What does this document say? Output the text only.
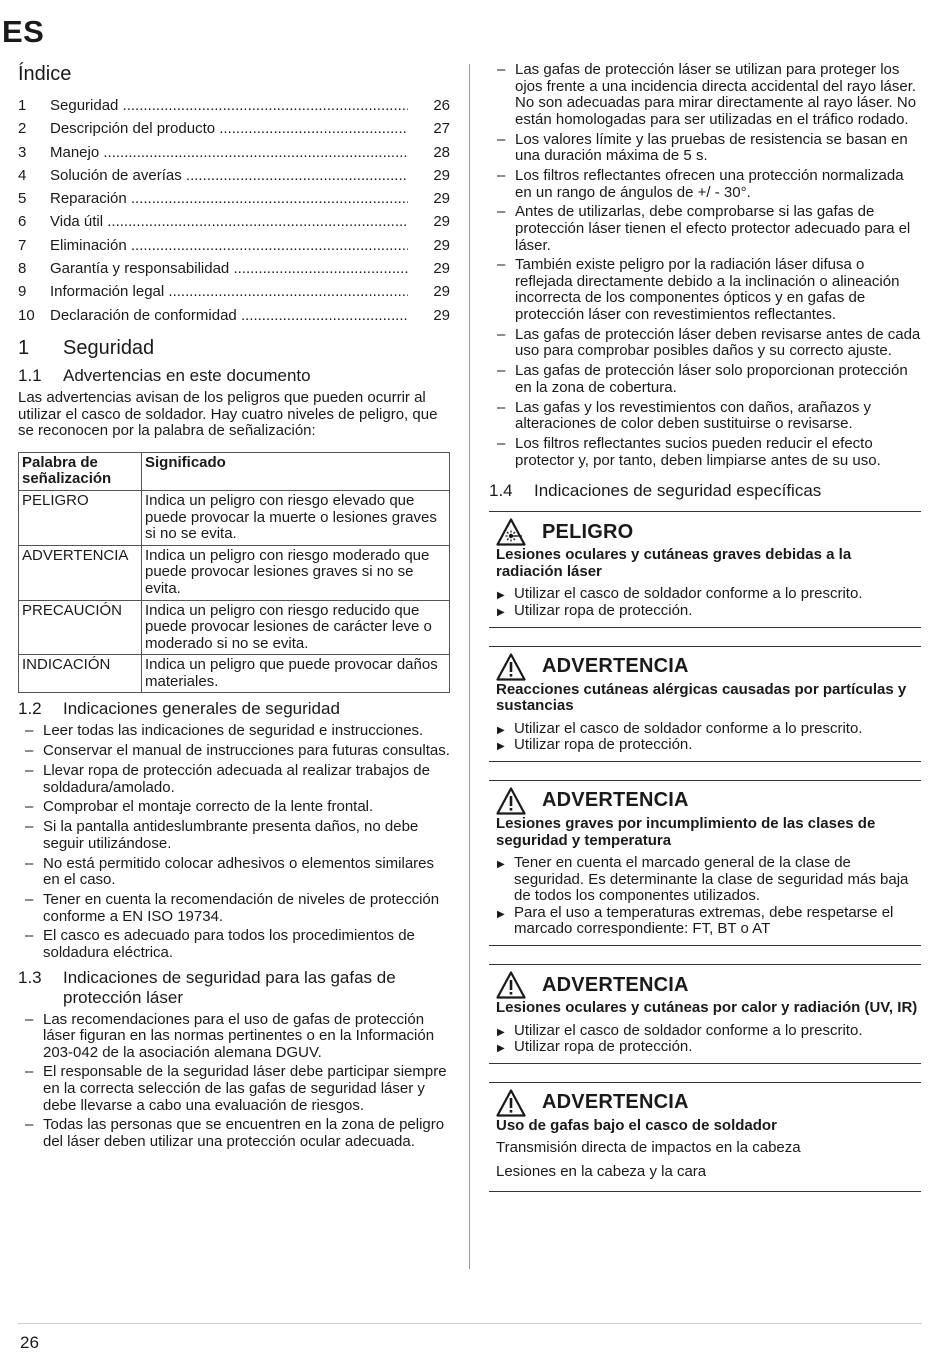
ES
Índice
1	Seguridad .....	26
2	Descripción del producto .....	27
3	Manejo .....	28
4	Solución de averías .....	29
5	Reparación .....	29
6	Vida útil .....	29
7	Eliminación .....	29
8	Garantía y responsabilidad .....	29
9	Información legal .....	29
10	Declaración de conformidad .....	29
1	Seguridad
1.1	Advertencias en este documento

Las advertencias avisan de los peligros que pueden ocurrir al utilizar el casco de soldador. Hay cuatro niveles de peligro, que se reconocen por la palabra de señalización:

Palabra de señalización	Significado
PELIGRO	Indica un peligro con riesgo elevado que puede provocar la muerte o lesiones graves si no se evita.
ADVERTENCIA	Indica un peligro con riesgo moderado que puede provocar lesiones graves si no se evita.
PRECAUCIÓN	Indica un peligro con riesgo reducido que puede provocar lesiones de carácter leve o moderado si no se evita.
INDICACIÓN	Indica un peligro que puede provocar daños materiales.
1.2	Indicaciones generales de seguridad
– Leer todas las indicaciones de seguridad e instrucciones.
– Conservar el manual de instrucciones para futuras consultas.
– Llevar ropa de protección adecuada al realizar trabajos de soldadura/amolado.
– Comprobar el montaje correcto de la lente frontal.
– Si la pantalla antideslumbrante presenta daños, no debe seguir utilizándose.
– No está permitido colocar adhesivos o elementos similares en el caso.
– Tener en cuenta la recomendación de niveles de protección conforme a EN ISO 19734.
– El casco es adecuado para todos los procedimientos de soldadura eléctrica.
1.3	Indicaciones de seguridad para las gafas de protección láser
– Las recomendaciones para el uso de gafas de protección láser figuran en las normas pertinentes o en la Información 203-042 de la asociación alemana DGUV.
– El responsable de la seguridad láser debe participar siempre en la correcta selección de las gafas de seguridad láser y debe llevarse a cabo una evaluación de riesgos.
– Todas las personas que se encuentren en la zona de peligro del láser deben utilizar una protección ocular adecuada.
– Las gafas de protección láser se utilizan para proteger los ojos frente a una incidencia directa accidental del rayo láser. No son adecuadas para mirar directamente al rayo láser. No están homologadas para ser utilizadas en el tráfico rodado.
– Los valores límite y las pruebas de resistencia se basan en una duración máxima de 5 s.
– Los filtros reflectantes ofrecen una protección normalizada en un rango de ángulos de +/ - 30°.
– Antes de utilizarlas, debe comprobarse si las gafas de protección láser tienen el efecto protector adecuado para el láser.
– También existe peligro por la radiación láser difusa o reflejada directamente debido a la inclinación o alineación incorrecta de los componentes ópticos y en gafas de protección láser con revestimientos reflectantes.
– Las gafas de protección láser deben revisarse antes de cada uso para comprobar posibles daños y su correcto ajuste.
– Las gafas de protección láser solo proporcionan protección en la zona de cobertura.
– Las gafas y los revestimientos con daños, arañazos y alteraciones de color deben sustituirse o revisarse.
– Los filtros reflectantes sucios pueden reducir el efecto protector y, por tanto, deben limpiarse antes de su uso.
1.4	Indicaciones de seguridad específicas
PELIGRO
Lesiones oculares y cutáneas graves debidas a la radiación láser
▶ Utilizar el casco de soldador conforme a lo prescrito.
▶ Utilizar ropa de protección.
ADVERTENCIA
Reacciones cutáneas alérgicas causadas por partículas y sustancias
▶ Utilizar el casco de soldador conforme a lo prescrito.
▶ Utilizar ropa de protección.
ADVERTENCIA
Lesiones graves por incumplimiento de las clases de seguridad y temperatura
▶ Tener en cuenta el marcado general de la clase de seguridad. Es determinante la clase de seguridad más baja de todos los componentes utilizados.
▶ Para el uso a temperaturas extremas, debe respetarse el marcado correspondiente: FT, BT o AT
ADVERTENCIA
Lesiones oculares y cutáneas por calor y radiación (UV, IR)
▶ Utilizar el casco de soldador conforme a lo prescrito.
▶ Utilizar ropa de protección.
ADVERTENCIA
Uso de gafas bajo el casco de soldador
Transmisión directa de impactos en la cabeza
Lesiones en la cabeza y la cara
26
